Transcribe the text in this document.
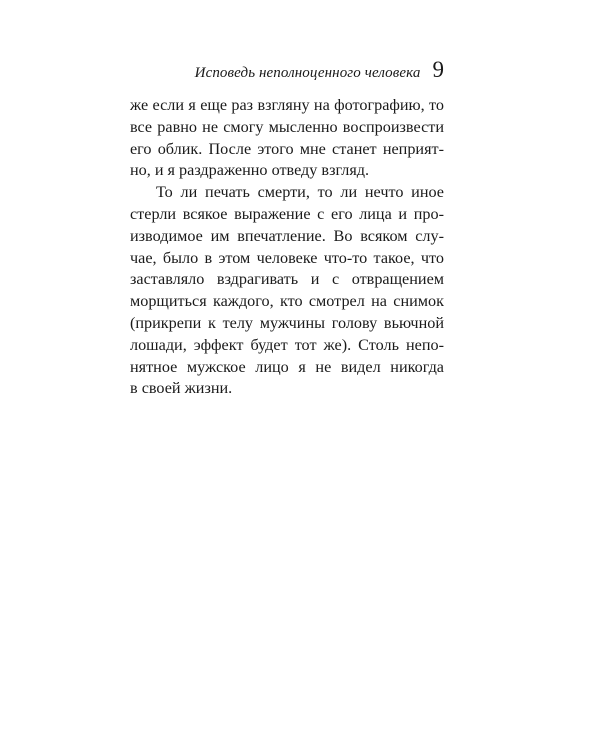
Исповедь неполноценного человека 9
же если я еще раз взгляну на фотографию, то
все равно не смогу мысленно воспроизвести
его облик. После этого мне станет неприят-
но, и я раздраженно отведу взгляд.
То ли печать смерти, то ли нечто иное
стерли всякое выражение с его лица и про-
изводимое им впечатление. Во всяком слу-
чае, было в этом человеке что-то такое, что
заставляло вздрагивать и с отвращением
морщиться каждого, кто смотрел на снимок
(прикрепи к телу мужчины голову вьючной
лошади, эффект будет тот же). Столь непо-
нятное мужское лицо я не видел никогда
в своей жизни.
